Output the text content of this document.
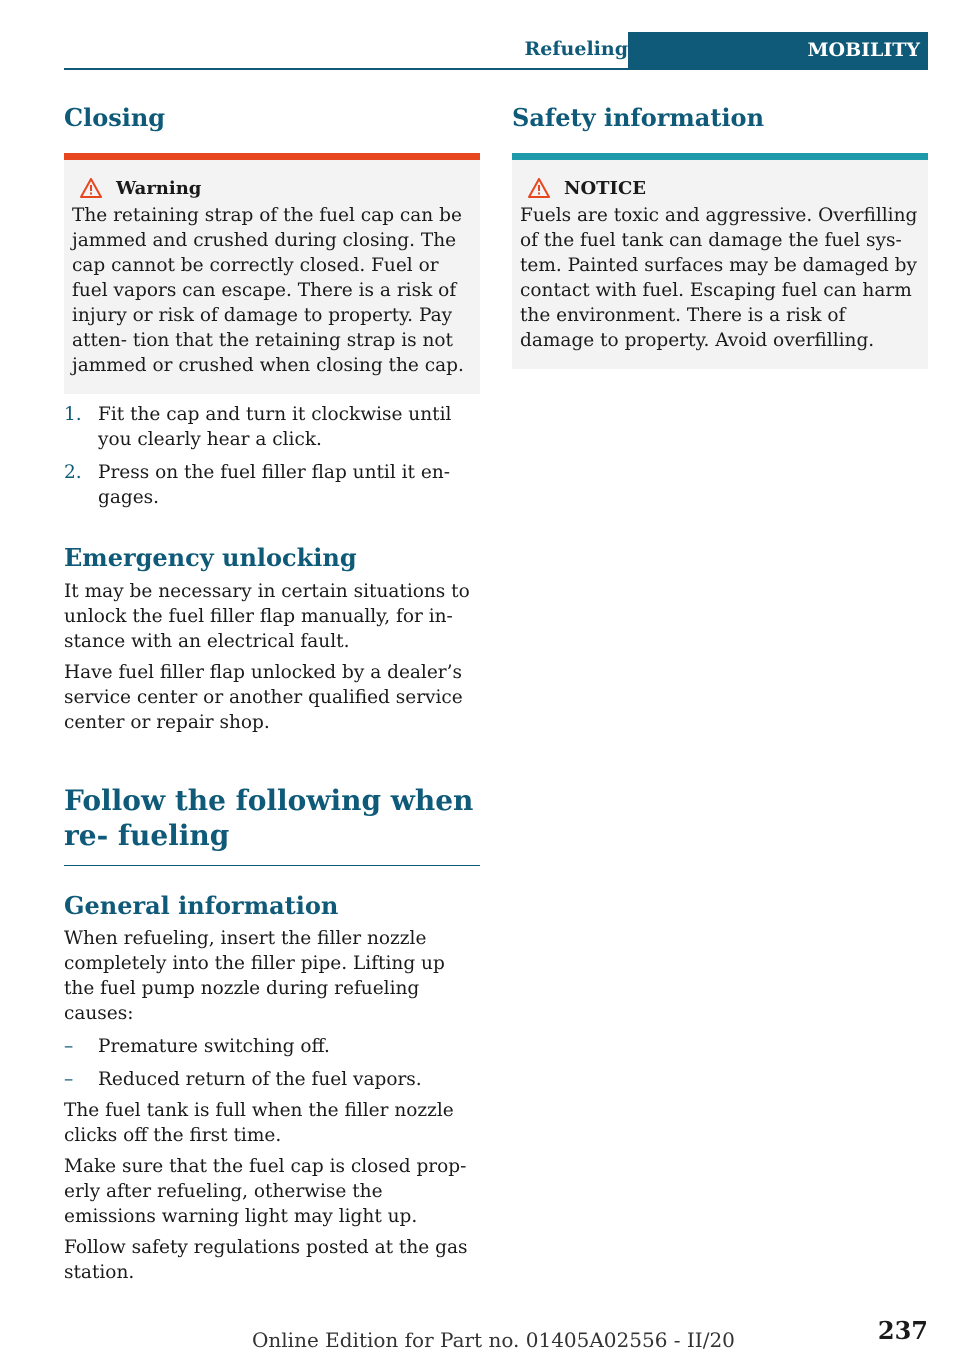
Refueling	MOBILITY
Closing
Warning
The retaining strap of the fuel cap can be jammed and crushed during closing. The cap cannot be correctly closed. Fuel or fuel vapors can escape. There is a risk of injury or risk of damage to property. Pay atten- tion that the retaining strap is not jammed or crushed when closing the cap.
1. Fit the cap and turn it clockwise until you clearly hear a click.
2. Press on the fuel filler flap until it en- gages.
Emergency unlocking

It may be necessary in certain situations to unlock the fuel filler flap manually, for in- stance with an electrical fault.

Have fuel filler flap unlocked by a dealer’s service center or another qualified service center or repair shop.

Follow the following when re- fueling
General information

When refueling, insert the filler nozzle completely into the filler pipe. Lifting up the fuel pump nozzle during refueling causes:

–	Premature switching off.
–	Reduced return of the fuel vapors.

The fuel tank is full when the filler nozzle clicks off the first time.

Make sure that the fuel cap is closed prop- erly after refueling, otherwise the emissions warning light may light up.

Follow safety regulations posted at the gas station.

Safety information
NOTICE
Fuels are toxic and aggressive. Overfilling of the fuel tank can damage the fuel sys- tem. Painted surfaces may be damaged by contact with fuel. Escaping fuel can harm the environment. There is a risk of damage to property. Avoid overfilling.
Online Edition for Part no. 01405A02556 - II/20	237
